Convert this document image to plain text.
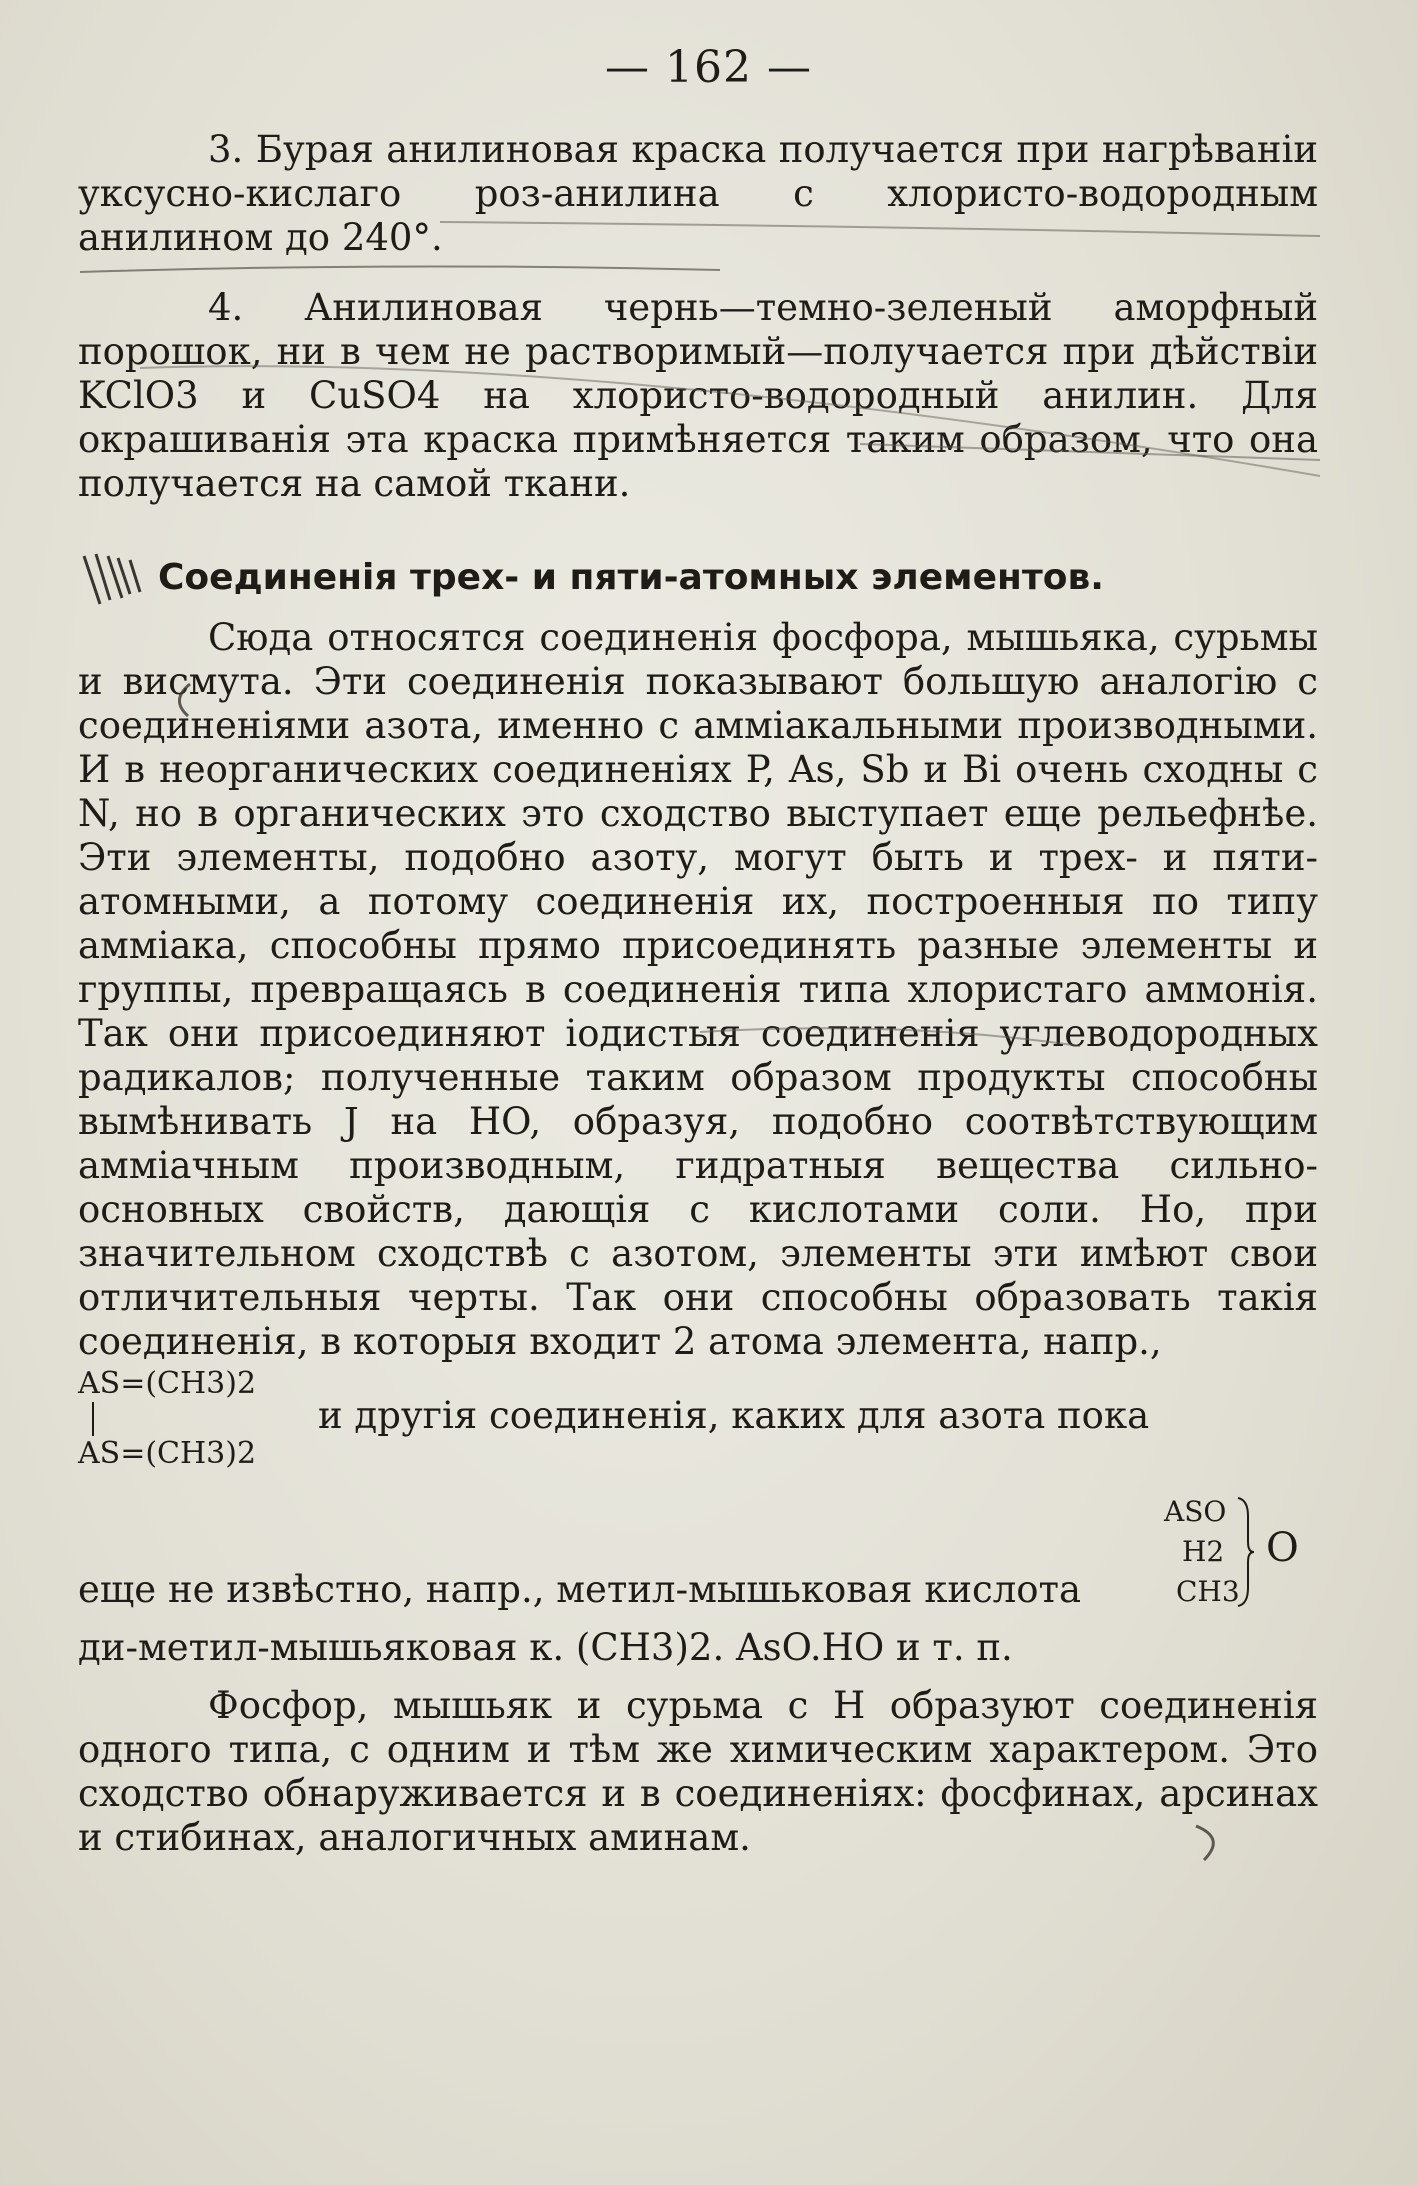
— 162 —

3. Бурая анилиновая краска получается при нагрѣванiи уксусно-кислаго роз-анилина с хлористо-водородным анилином до 240°.

4. Анилиновая чернь—темно-зеленый аморфный порошок, ни в чем не растворимый—получается при дѣйствiи KClO3 и CuSO4 на хлористо-водородный анилин. Для окрашиванiя эта краска примѣняется таким образом, что она получается на самой ткани.

Соединенiя трех- и пяти-атомных элементов.

Сюда относятся соединенiя фосфора, мышьяка, сурьмы и висмута. Эти соединенiя показывают большую аналогiю с соединенiями азота, именно с аммiакальными производными. И в неорганических соединенiях P, As, Sb и Bi очень сходны с N, но в органических это сходство выступает еще рельефнѣе. Эти элементы, подобно азоту, могут быть и трех- и пяти-атомными, а потому соединенiя их, построенныя по типу аммiака, способны прямо присоединять разные элементы и группы, превращаясь в соединенiя типа хлористаго аммонiя. Так они присоединяют iодистыя соединенiя углеводородных радикалов; полученные таким образом продукты способны вымѣнивать J на HO, образуя, подобно соотвѣтствующим аммiачным производным, гидратныя вещества сильно-основных свойств, дающiя с кислотами соли. Но, при значительном сходствѣ с азотом, элементы эти имѣют свои отличительныя черты. Так они способны образовать такiя соединенiя, в которыя входит 2 атома элемента, напр.,

AS=(CH3)2
AS=(CH3)2
и другiя соединенiя, каких для азота пока
еще не извѣстно, напр., метил-мышьковая кислота
ASO
H2
CH3
O

ди-метил-мышьяковая к. (CH3)2. AsO.HO и т. п.

Фосфор, мышьяк и сурьма с H образуют соединенiя одного типа, с одним и тѣм же химическим характером. Это сходство обнаруживается и в соединенiях: фосфинах, арсинах и стибинах, аналогичных аминам.
